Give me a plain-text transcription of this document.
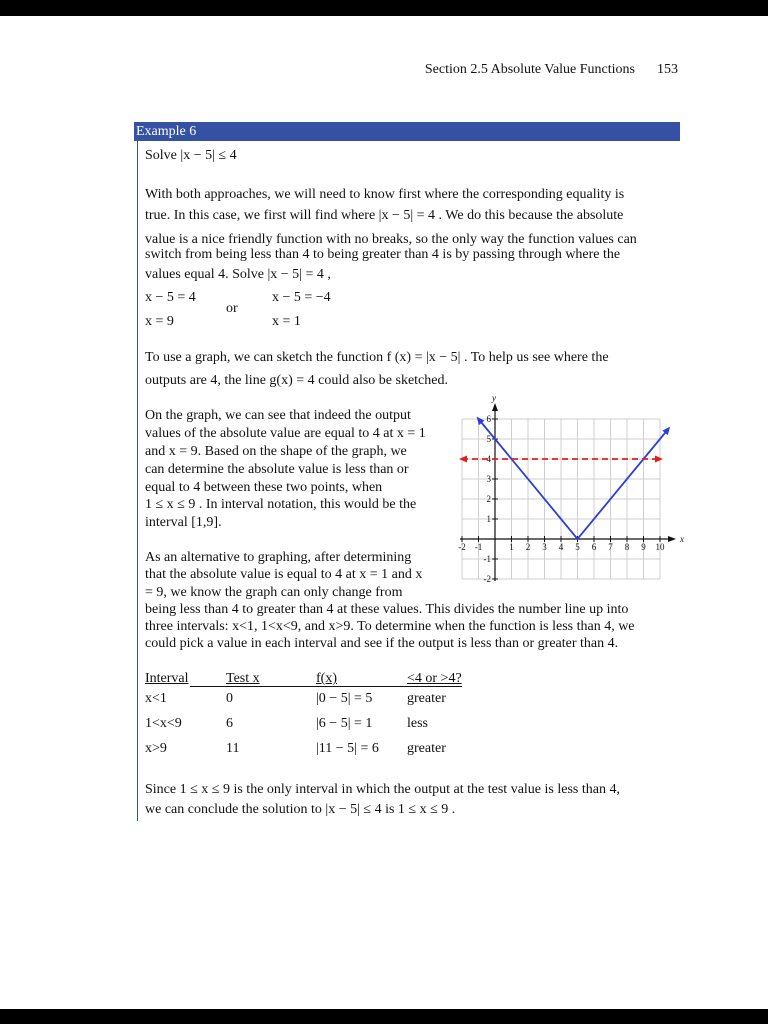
Section 2.5 Absolute Value Functions 153
Example 6
Solve |x − 5| ≤ 4
With both approaches, we will need to know first where the corresponding equality is
true. In this case, we first will find where |x − 5| = 4 . We do this because the absolute
value is a nice friendly function with no breaks, so the only way the function values can
switch from being less than 4 to being greater than 4 is by passing through where the
values equal 4. Solve |x − 5| = 4 ,
x − 5 = 4
x = 9
or
x − 5 = −4
x = 1
To use a graph, we can sketch the function f (x) = |x − 5| . To help us see where the
outputs are 4, the line g(x) = 4 could also be sketched.
On the graph, we can see that indeed the output
values of the absolute value are equal to 4 at x = 1
and x = 9. Based on the shape of the graph, we
can determine the absolute value is less than or
equal to 4 between these two points, when
1 ≤ x ≤ 9 . In interval notation, this would be the
interval [1,9].
-2 -1	1 2 3 4 5 6 7 8 9 10
-2
-1
1
2
3
4
5
6
x
y
As an alternative to graphing, after determining
that the absolute value is equal to 4 at x = 1 and x
= 9, we know the graph can only change from
being less than 4 to greater than 4 at these values. This divides the number line up into
three intervals: x<1, 1<x<9, and x>9. To determine when the function is less than 4, we
could pick a value in each interval and see if the output is less than or greater than 4.
Interval	Test x	f(x)	<4 or >4?
x<1	0	|0 − 5| = 5 greater
1<x<9	6	|6 − 5| = 1 less
x>9	11	|11 − 5| = 6 greater
Since 1 ≤ x ≤ 9 is the only interval in which the output at the test value is less than 4,
we can conclude the solution to |x − 5| ≤ 4 is 1 ≤ x ≤ 9 .
